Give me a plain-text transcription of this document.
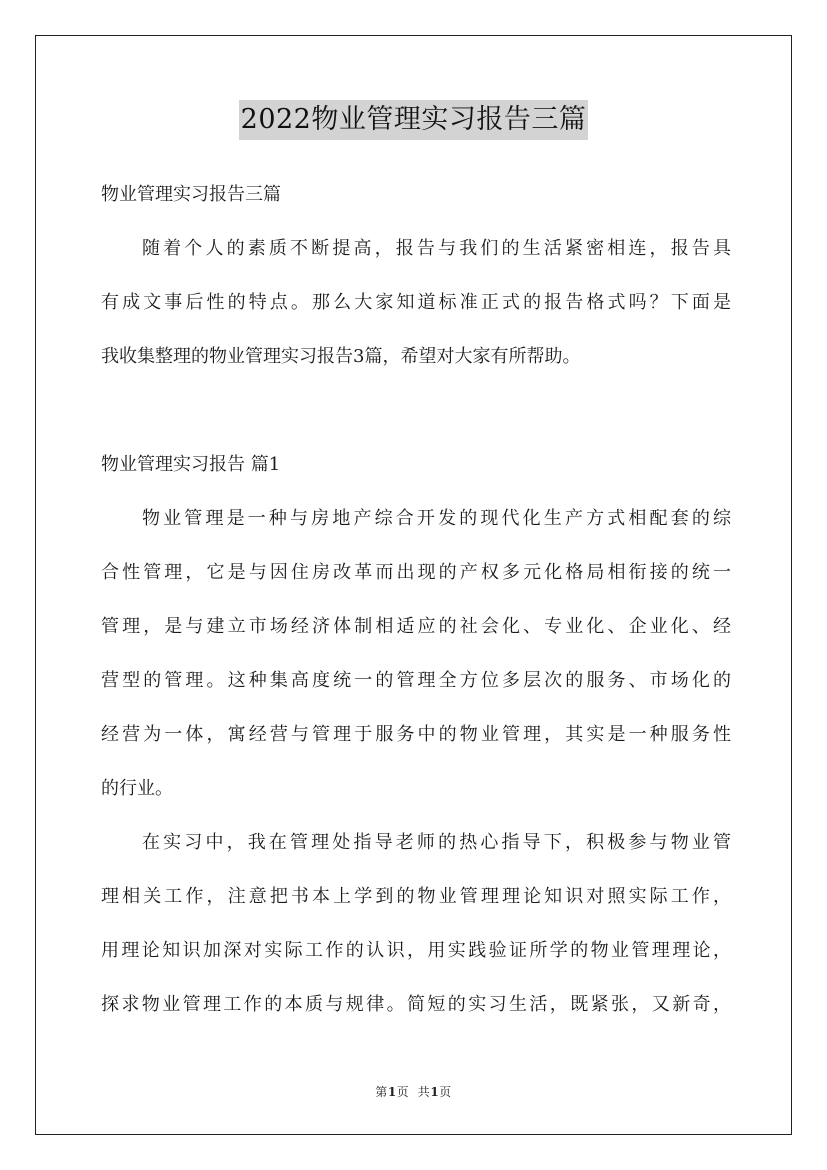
2022物业管理实习报告三篇
物业管理实习报告三篇
随着个人的素质不断提高，报告与我们的生活紧密相连，报告具
有成文事后性的特点。那么大家知道标准正式的报告格式吗？下面是
我收集整理的物业管理实习报告3篇，希望对大家有所帮助。
物业管理实习报告 篇1
物业管理是一种与房地产综合开发的现代化生产方式相配套的综
合性管理，它是与因住房改革而出现的产权多元化格局相衔接的统一
管理，是与建立市场经济体制相适应的社会化、专业化、企业化、经
营型的管理。这种集高度统一的管理全方位多层次的服务、市场化的
经营为一体，寓经营与管理于服务中的物业管理，其实是一种服务性
的行业。
在实习中，我在管理处指导老师的热心指导下，积极参与物业管
理相关工作，注意把书本上学到的物业管理理论知识对照实际工作，
用理论知识加深对实际工作的认识，用实践验证所学的物业管理理论，
探求物业管理工作的本质与规律。简短的实习生活，既紧张，又新奇，
第1页  共1页
